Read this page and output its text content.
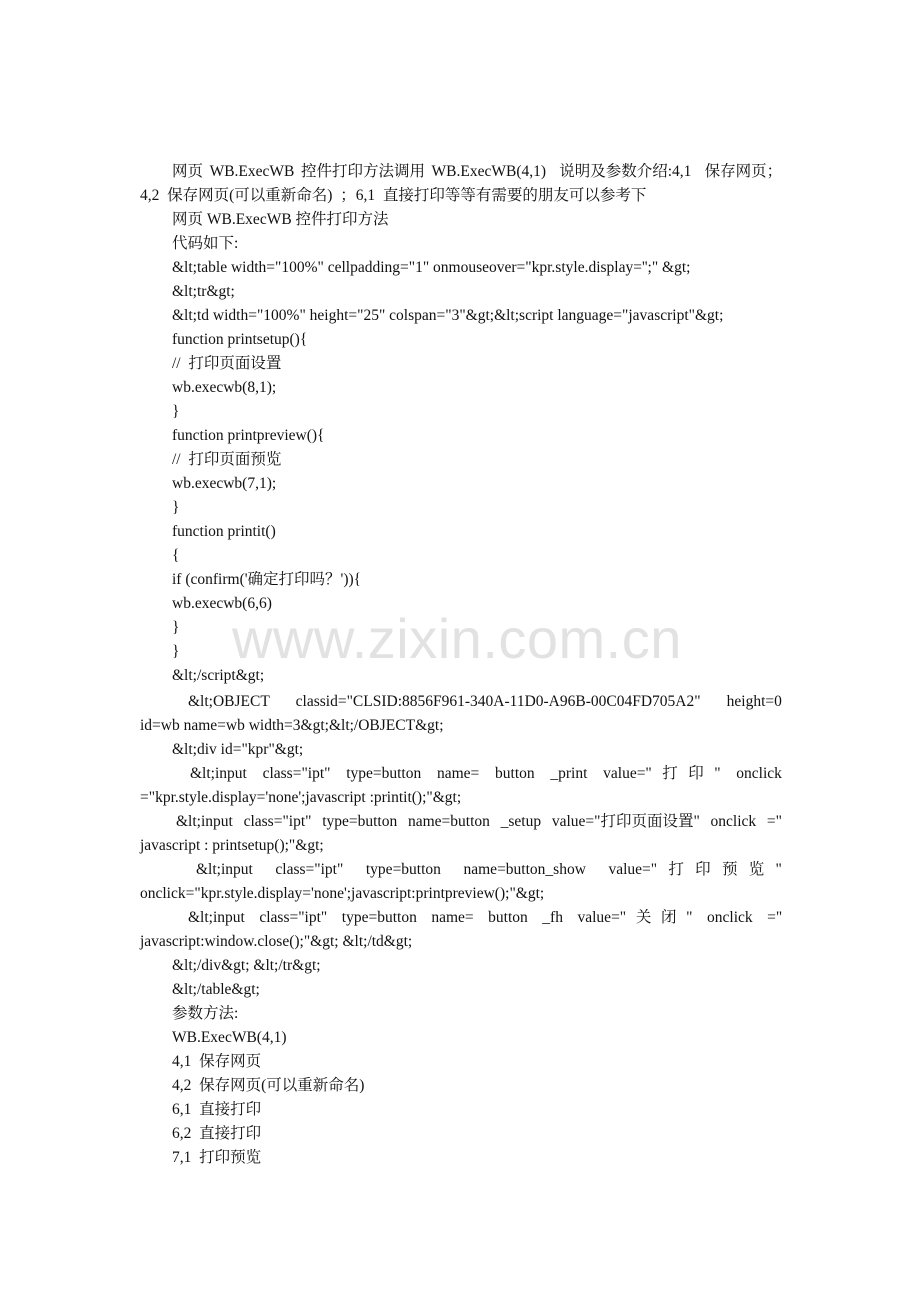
www.zixin.com.cn
网页 WB.ExecWB 控件打印方法调用 WB.ExecWB(4,1)  说明及参数介绍:4,1  保存网页；
4,2  保存网页(可以重新命名)  ；6,1  直接打印等等有需要的朋友可以参考下
网页 WB.ExecWB 控件打印方法
代码如下:
&lt;table width="100%" cellpadding="1" onmouseover="kpr.style.display='';" &gt;
&lt;tr&gt;
&lt;td width="100%" height="25" colspan="3"&gt;&lt;script language="javascript"&gt;
function printsetup(){
//  打印页面设置
wb.execwb(8,1);
}
function printpreview(){
//  打印页面预览
wb.execwb(7,1);
}
function printit()
{
if (confirm('确定打印吗？')){
wb.execwb(6,6)
}
}
&lt;/script&gt;
&lt;OBJECT   classid="CLSID:8856F961-340A-11D0-A96B-00C04FD705A2"   height=0
id=wb name=wb width=3&gt;&lt;/OBJECT&gt;
&lt;div id="kpr"&gt;
&lt;input   class="ipt"   type=button   name=   button   _print   value="  打  印  "   onclick
="kpr.style.display='none';javascript :printit();"&gt;
&lt;input class="ipt" type=button name=button _setup value="打印页面设置" onclick ="
javascript : printsetup();"&gt;
&lt;input    class="ipt"    type=button    name=button_show    value="  打  印  预  览  "
onclick="kpr.style.display='none';javascript:printpreview();"&gt;
&lt;input   class="ipt"   type=button   name=   button   _fh   value="  关  闭  "   onclick   ="
javascript:window.close();"&gt; &lt;/td&gt;
&lt;/div&gt; &lt;/tr&gt;
&lt;/table&gt;
参数方法:
WB.ExecWB(4,1)
4,1  保存网页
4,2  保存网页(可以重新命名)
6,1  直接打印
6,2  直接打印
7,1  打印预览
